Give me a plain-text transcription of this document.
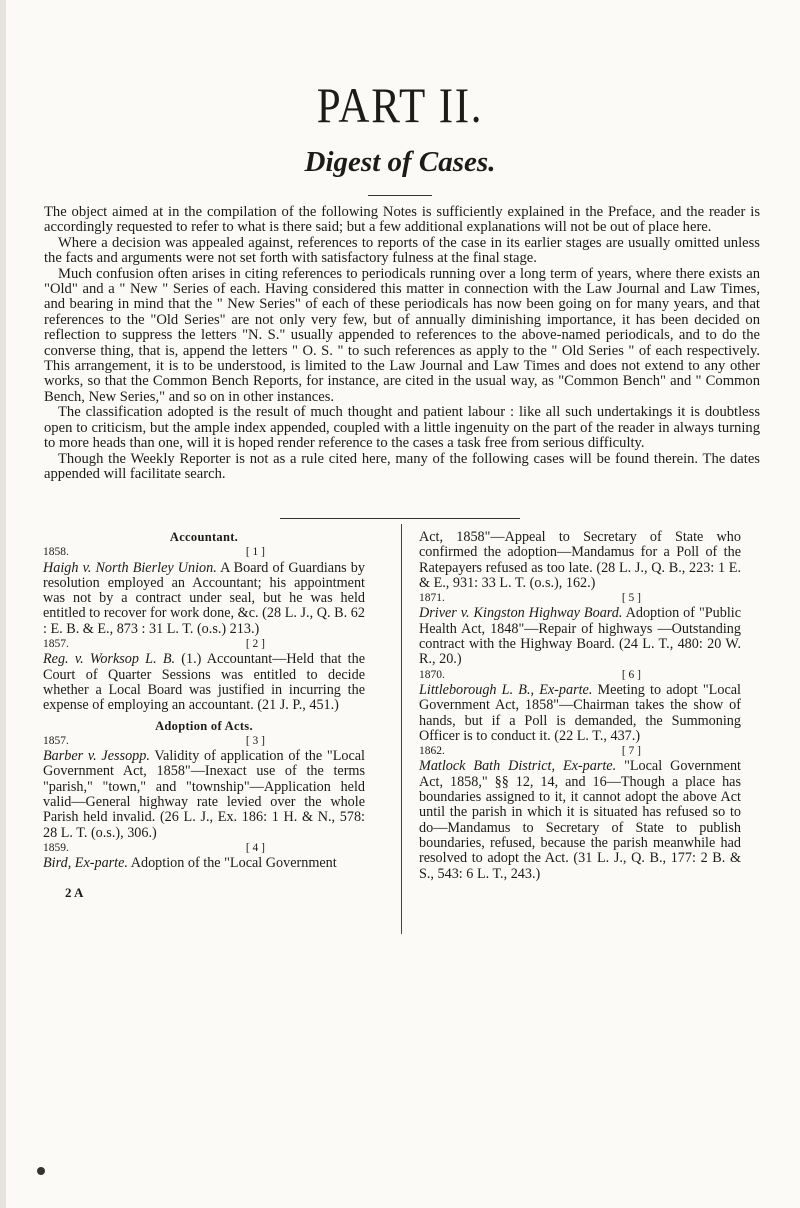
PART II.
Digest of Cases.

The object aimed at in the compilation of the following Notes is sufficiently explained in the Preface, and the reader is accordingly requested to refer to what is there said; but a few additional explanations will not be out of place here.

Where a decision was appealed against, references to reports of the case in its earlier stages are usually omitted unless the facts and arguments were not set forth with satisfactory fulness at the final stage.

Much confusion often arises in citing references to periodicals running over a long term of years, where there exists an "Old" and a " New " Series of each. Having considered this matter in connection with the Law Journal and Law Times, and bearing in mind that the " New Series" of each of these periodicals has now been going on for many years, and that references to the "Old Series" are not only very few, but of annually diminishing importance, it has been decided on reflection to suppress the letters "N. S." usually appended to references to the above-named periodicals, and to do the converse thing, that is, append the letters " O. S. " to such references as apply to the " Old Series " of each respectively. This arrangement, it is to be understood, is limited to the Law Journal and Law Times and does not extend to any other works, so that the Common Bench Reports, for instance, are cited in the usual way, as "Common Bench" and " Common Bench, New Series," and so on in other instances.

The classification adopted is the result of much thought and patient labour : like all such undertakings it is doubtless open to criticism, but the ample index appended, coupled with a little ingenuity on the part of the reader in always turning to more heads than one, will it is hoped render reference to the cases a task free from serious difficulty.

Though the Weekly Reporter is not as a rule cited here, many of the following cases will be found therein. The dates appended will facilitate search.

Accountant.

1858.	[ 1 ]

Haigh v. North Bierley Union. A Board of Guardians by resolution employed an Accountant; his appointment was not by a contract under seal, but he was held entitled to recover for work done, &c. (28 L. J., Q. B. 62 : E. B. & E., 873 : 31 L. T. (o.s.) 213.)

1857.	[ 2 ]

Reg. v. Worksop L. B. (1.) Accountant—Held that the Court of Quarter Sessions was entitled to decide whether a Local Board was justified in incurring the expense of employing an accountant. (21 J. P., 451.)

Adoption of Acts.

1857.	[ 3 ]

Barber v. Jessopp. Validity of application of the "Local Government Act, 1858"—Inexact use of the terms "parish," "town," and "township"—Application held valid—General highway rate levied over the whole Parish held invalid. (26 L. J., Ex. 186: 1 H. & N., 578: 28 L. T. (o.s.), 306.)

1859.	[ 4 ]

Bird, Ex-parte. Adoption of the "Local Government

2 A

Act, 1858"—Appeal to Secretary of State who confirmed the adoption—Mandamus for a Poll of the Ratepayers refused as too late. (28 L. J., Q. B., 223: 1 E. & E., 931: 33 L. T. (o.s.), 162.)

1871.	[ 5 ]

Driver v. Kingston Highway Board. Adoption of "Public Health Act, 1848"—Repair of highways —Outstanding contract with the Highway Board. (24 L. T., 480: 20 W. R., 20.)

1870.	[ 6 ]

Littleborough L. B., Ex-parte. Meeting to adopt "Local Government Act, 1858"—Chairman takes the show of hands, but if a Poll is demanded, the Summoning Officer is to conduct it. (22 L. T., 437.)

1862.	[ 7 ]

Matlock Bath District, Ex-parte. "Local Government Act, 1858," §§ 12, 14, and 16—Though a place has boundaries assigned to it, it cannot adopt the above Act until the parish in which it is situated has refused so to do—Mandamus to Secretary of State to publish boundaries, refused, because the parish meanwhile had resolved to adopt the Act. (31 L. J., Q. B., 177: 2 B. & S., 543: 6 L. T., 243.)
